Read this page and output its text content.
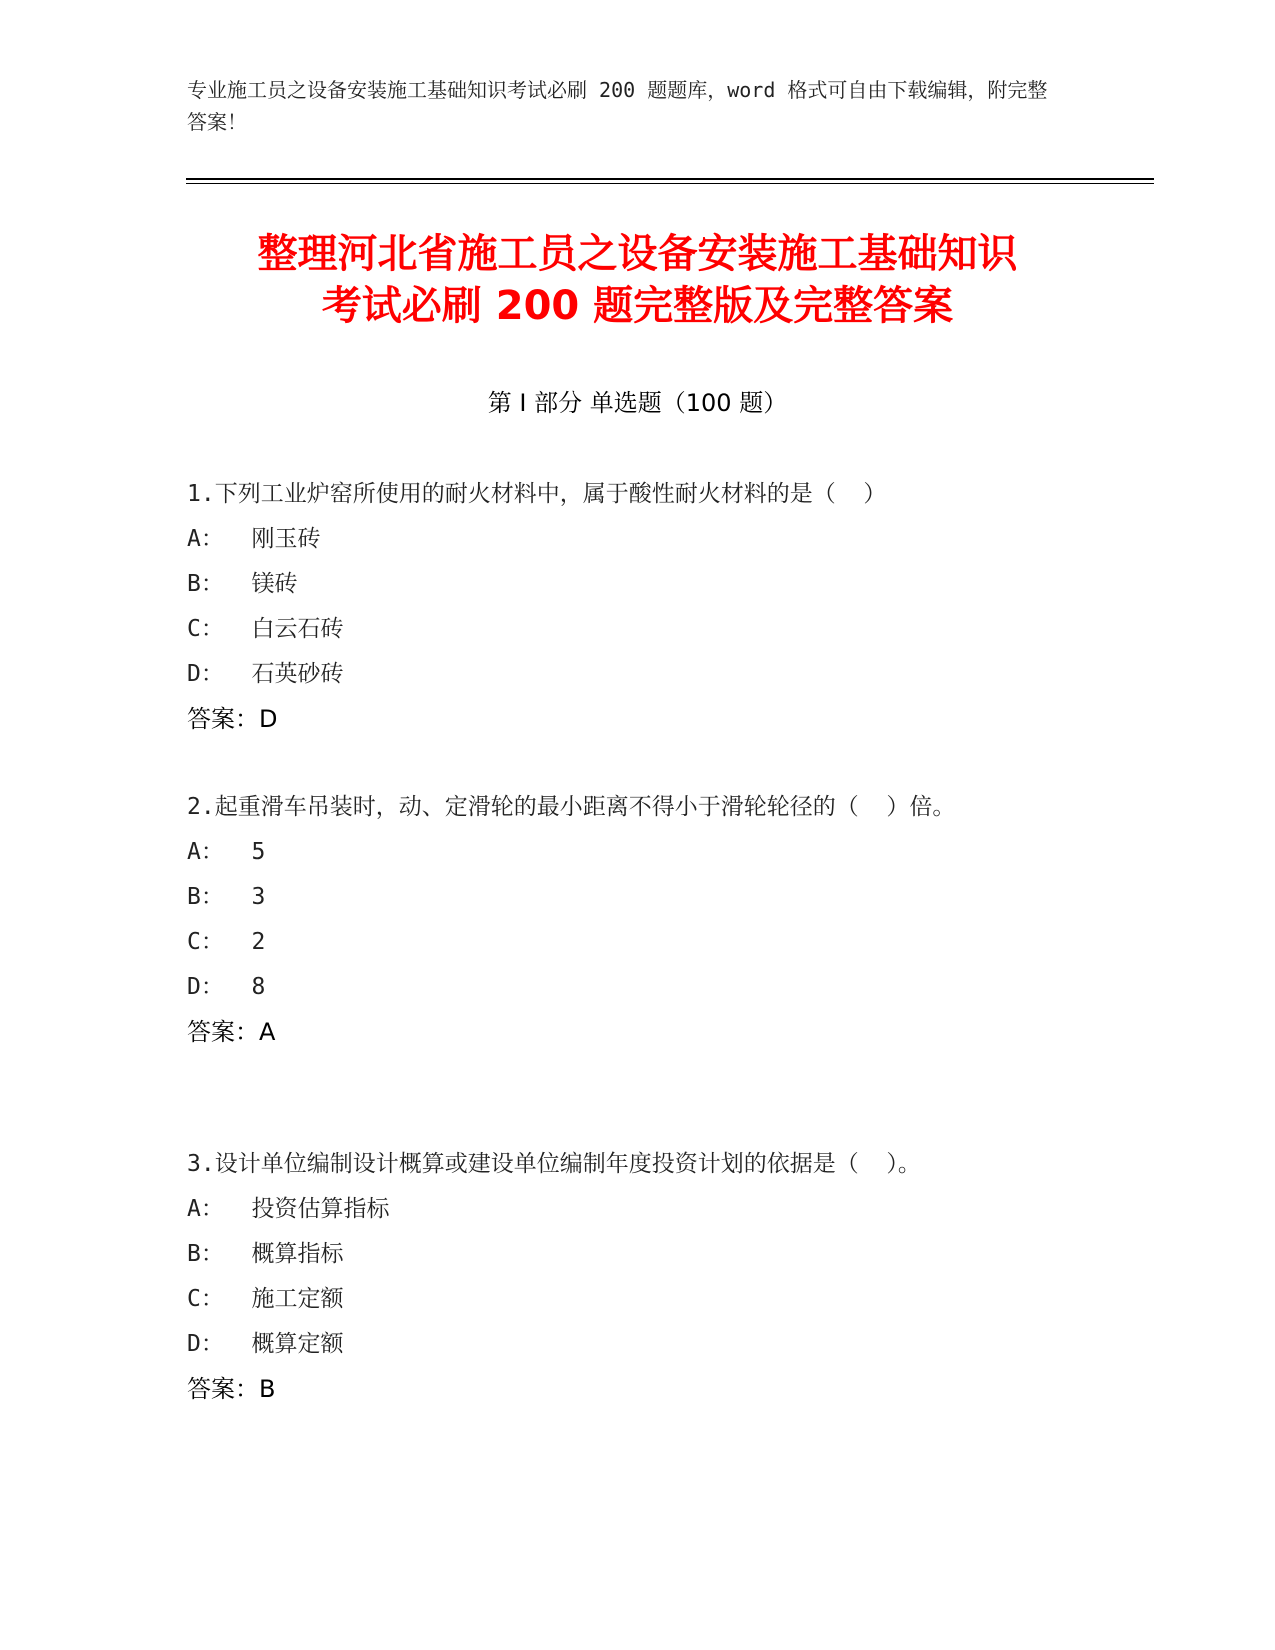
专业施工员之设备安装施工基础知识考试必刷 200 题题库，word 格式可自由下载编辑，附完整答案！
整理河北省施工员之设备安装施工基础知识
考试必刷 200 题完整版及完整答案
第 I 部分 单选题（100 题）

1.下列工业炉窑所使用的耐火材料中，属于酸性耐火材料的是（  ）

A：  刚玉砖

B：  镁砖

C：  白云石砖

D：  石英砂砖

答案：D

2.起重滑车吊装时，动、定滑轮的最小距离不得小于滑轮轮径的（  ）倍。

A：  5

B：  3

C：  2

D：  8

答案：A

3.设计单位编制设计概算或建设单位编制年度投资计划的依据是（  ）。

A：  投资估算指标

B：  概算指标

C：  施工定额

D：  概算定额

答案：B
